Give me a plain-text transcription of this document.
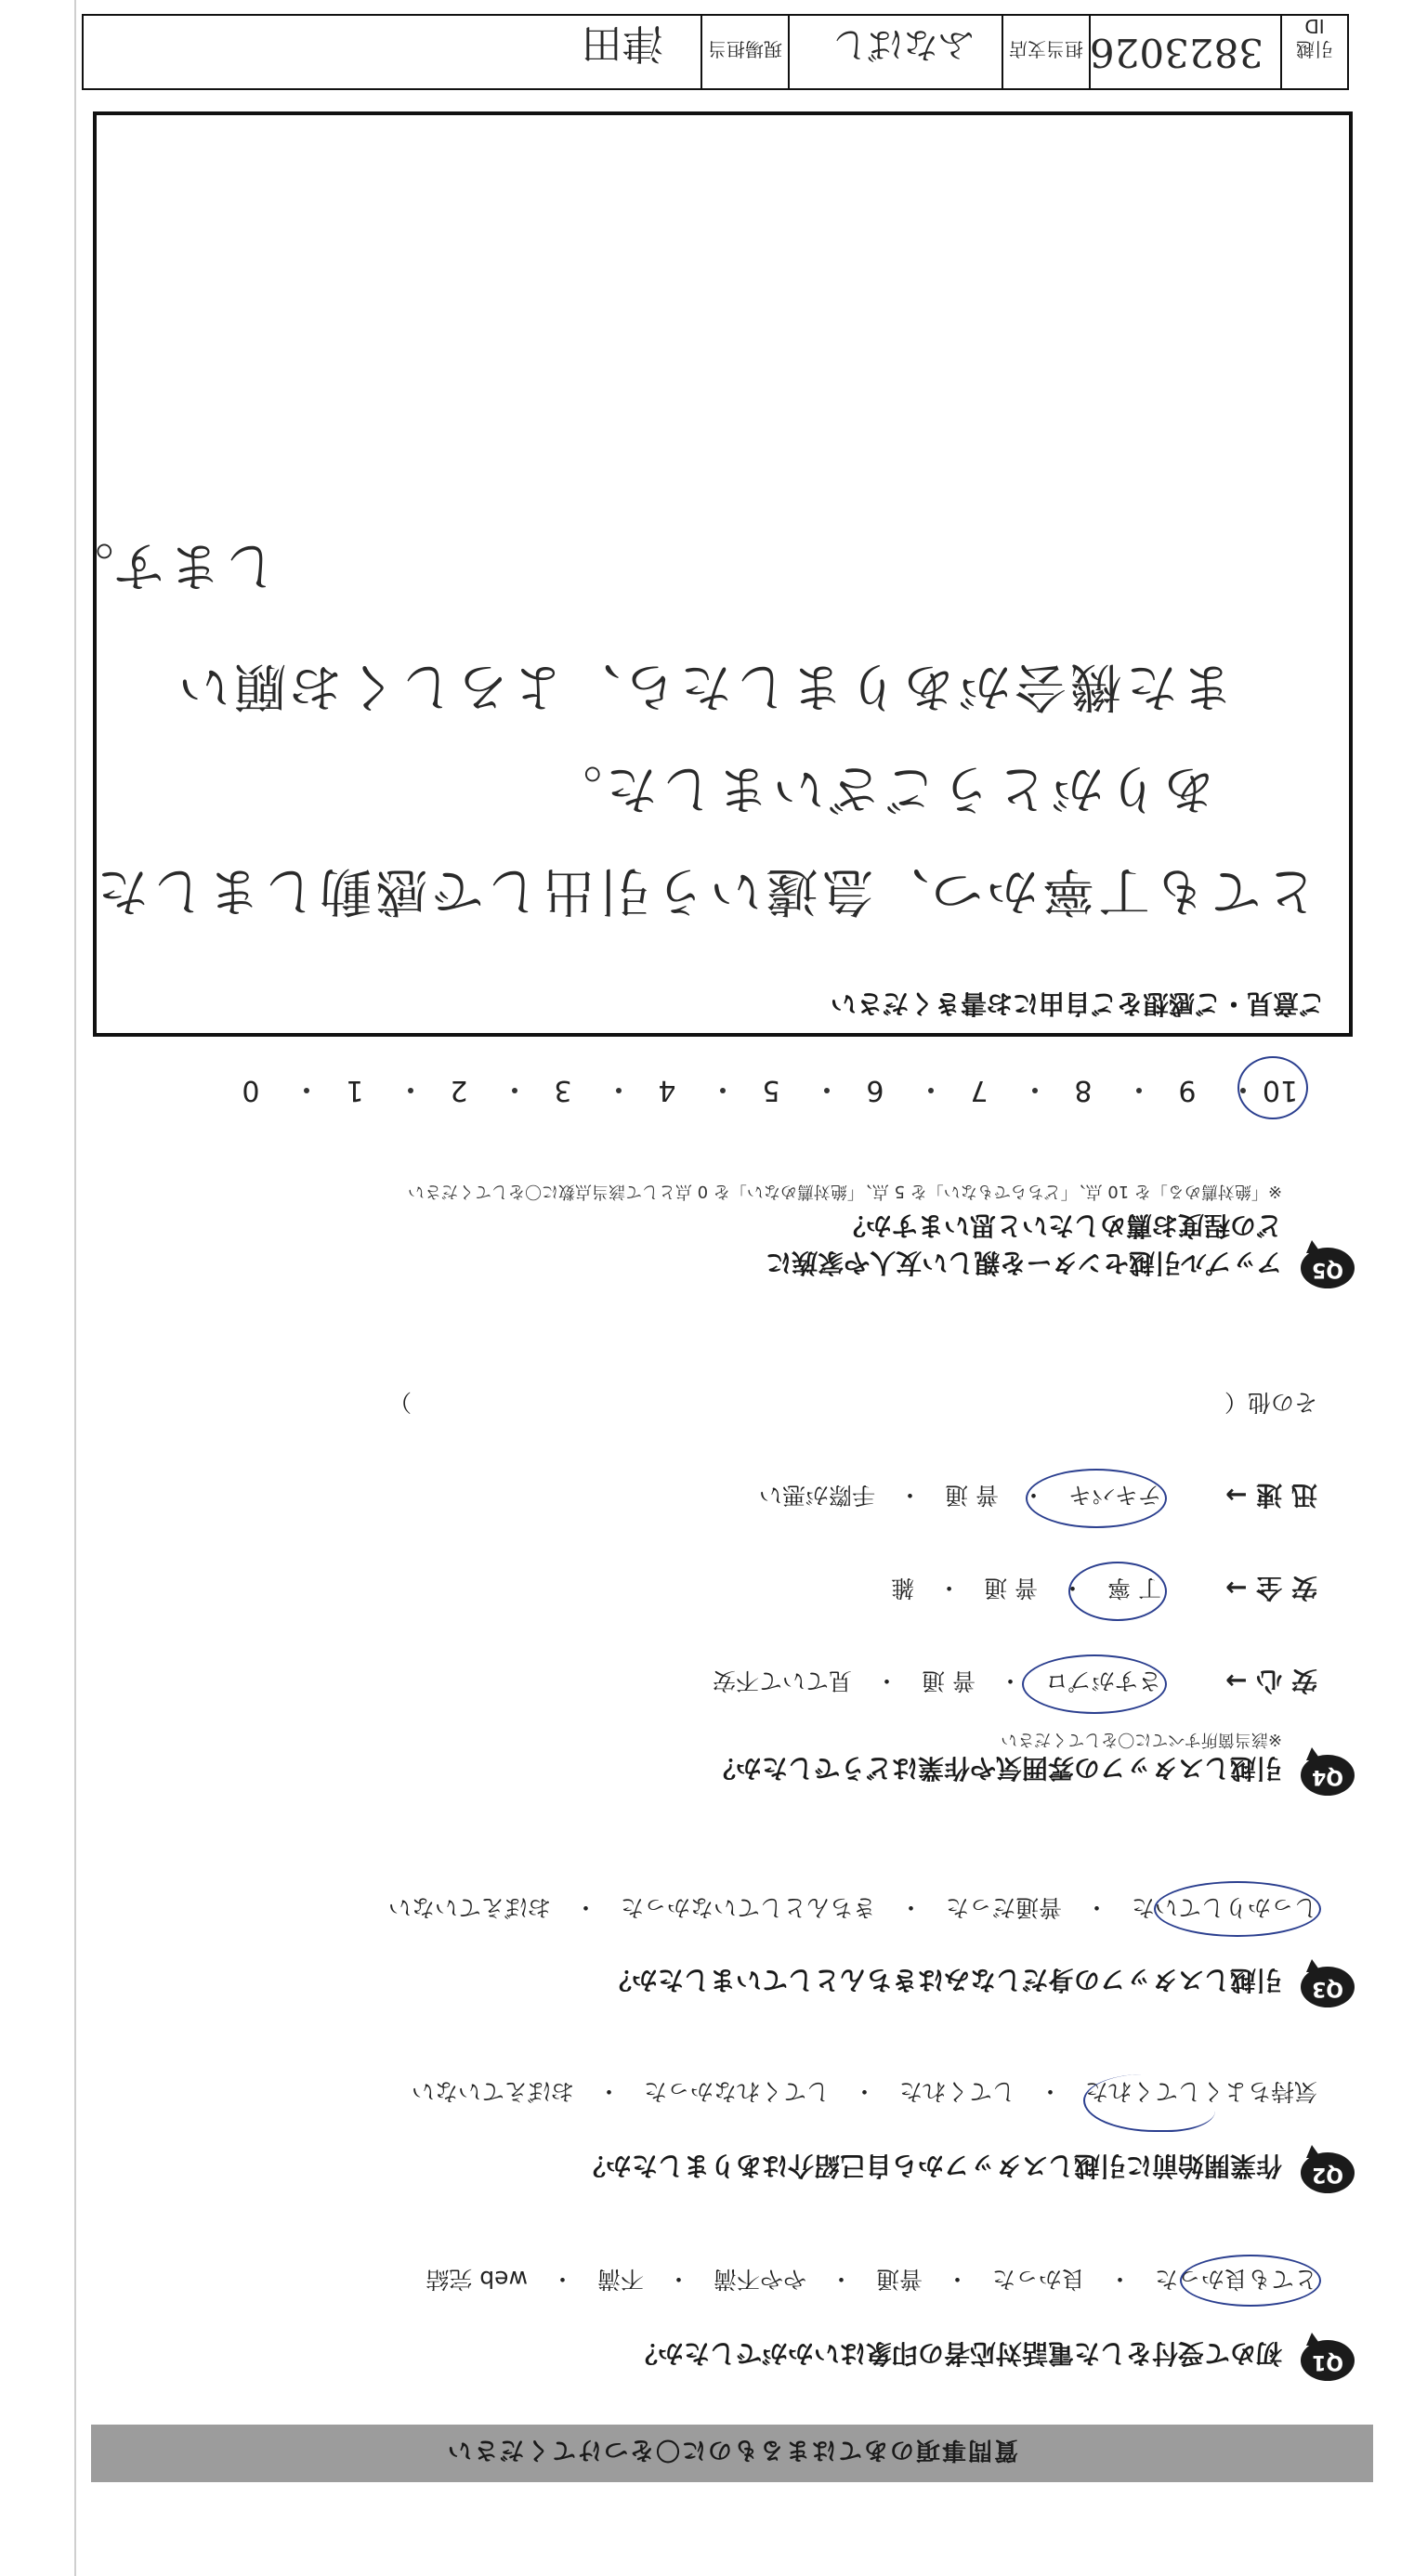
質問事項のあてはまるものに〇をつけてください
Q1
初めて受付をした電話対応者の印象はいかがでしたか？
とても良かった　・　良かった　・　普通　・　やや不満　・　不満　・　web 完結
Q2
作業開始前に引越しスタッフから自己紹介はありましたか？
気持ちよくしてくれた　・　してくれた　・　してくれなかった　・　おぼえていない
Q3
引越しスタッフの身だしなみはきちんとしていましたか？
しっかりしていた　・　普通だった　・　きちんとしていなかった　・　おぼえていない
Q4
引越しスタッフの雰囲気や作業はどうでしたか？
※該当箇所すべてに〇をしてください
安 心 →
さすがプロ　・　普 通　・　見ていて不安
安 全 →
丁 寧　・　普 通　・　雑
迅 速 →
テキパキ　・　普 通　・　手際が悪い
その他（　　　　　　　　　　　　　　　　　　　　　　　　　　　　　　　　　　　）
Q5
アップル引越センターを親しい友人や家族に
どの程度お薦めしたいと思いますか？
※「絶対薦める」を 10 点、「どちらでもない」を 5 点、「絶対薦めない」を 0 点として該当点数に〇をしてください
10
9
8
7
6
5
4
3
2
1
0
ご意見・ご感想をご自由にお書きください
とても丁寧かつ、急遽いう引出しで感動しました
ありがとうございました。
また機会がありましたら、よろしくお願い
します。
引越 ID
3823026
担当支店
ふなばし
現場担当
津田
